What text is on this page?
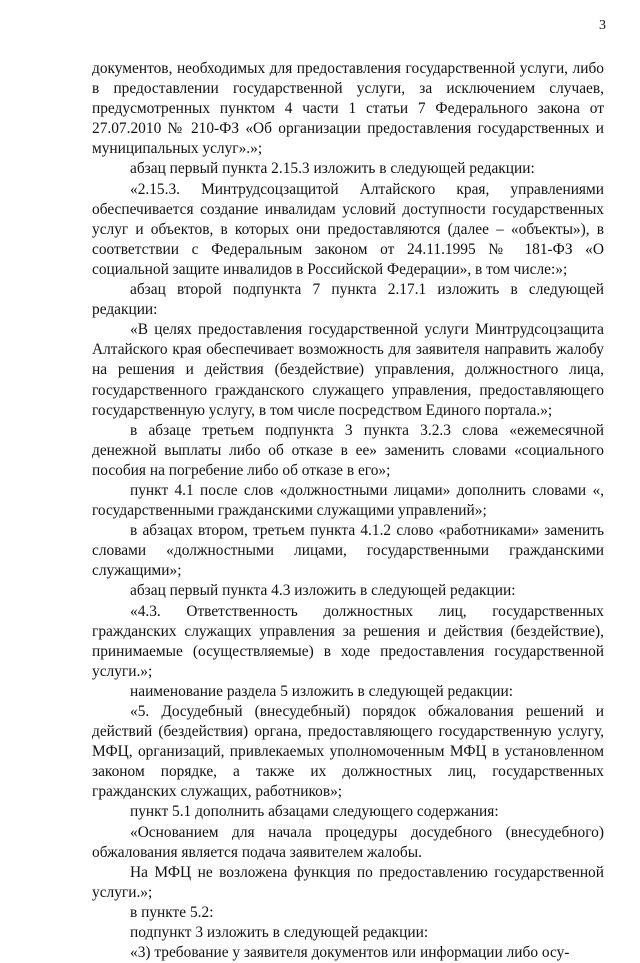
3

документов, необходимых для предоставления государственной услуги, либо в предоставлении государственной услуги, за исключением случаев, предусмотренных пунктом 4 части 1 статьи 7 Федерального закона от 27.07.2010 № 210-ФЗ «Об организации предоставления государственных и муниципальных услуг».»;

абзац первый пункта 2.15.3 изложить в следующей редакции:

«2.15.3. Минтрудсоцзащитой Алтайского края, управлениями обеспечивается создание инвалидам условий доступности государственных услуг и объектов, в которых они предоставляются (далее – «объекты»), в соответствии с Федеральным законом от 24.11.1995 № 181-ФЗ «О социальной защите инвалидов в Российской Федерации», в том числе:»;

абзац второй подпункта 7 пункта 2.17.1 изложить в следующей редакции:

«В целях предоставления государственной услуги Минтрудсоцзащита Алтайского края обеспечивает возможность для заявителя направить жалобу на решения и действия (бездействие) управления, должностного лица, государственного гражданского служащего управления, предоставляющего государственную услугу, в том числе посредством Единого портала.»;

в абзаце третьем подпункта 3 пункта 3.2.3 слова «ежемесячной денежной выплаты либо об отказе в ее» заменить словами «социального пособия на погребение либо об отказе в его»;

пункт 4.1 после слов «должностными лицами» дополнить словами «, государственными гражданскими служащими управлений»;

в абзацах втором, третьем пункта 4.1.2 слово «работниками» заменить словами «должностными лицами, государственными гражданскими служащими»;

абзац первый пункта 4.3 изложить в следующей редакции:

«4.3. Ответственность должностных лиц, государственных гражданских служащих управления за решения и действия (бездействие), принимаемые (осуществляемые) в ходе предоставления государственной услуги.»;

наименование раздела 5 изложить в следующей редакции:

«5. Досудебный (внесудебный) порядок обжалования решений и действий (бездействия) органа, предоставляющего государственную услугу, МФЦ, организаций, привлекаемых уполномоченным МФЦ в установленном законом порядке, а также их должностных лиц, государственных гражданских служащих, работников»;

пункт 5.1 дополнить абзацами следующего содержания:

«Основанием для начала процедуры досудебного (внесудебного) обжалования является подача заявителем жалобы.

На МФЦ не возложена функция по предоставлению государственной услуги.»;

в пункте 5.2:

подпункт 3 изложить в следующей редакции:

«3) требование у заявителя документов или информации либо осу-
